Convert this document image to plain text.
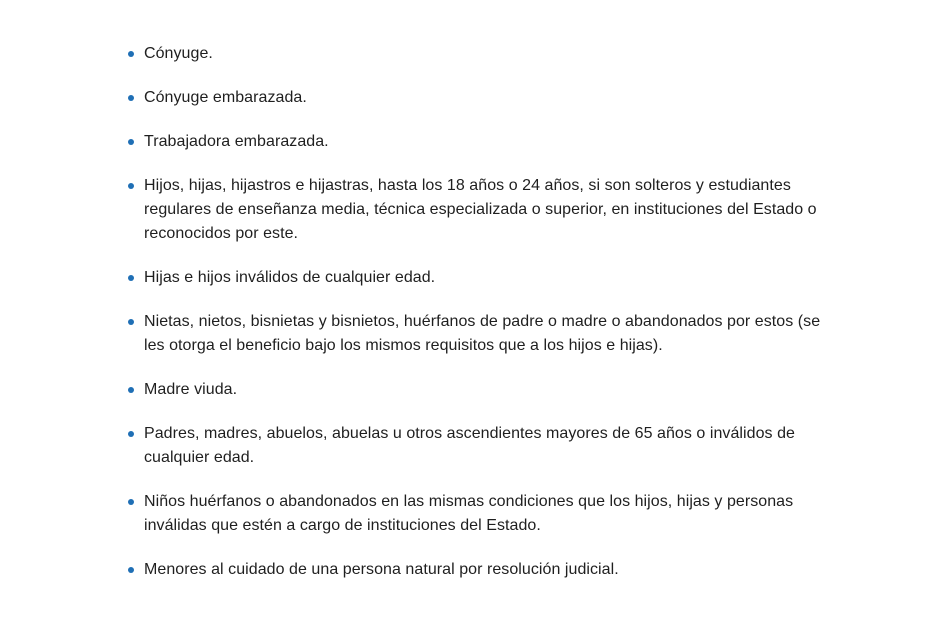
Cónyuge.
Cónyuge embarazada.
Trabajadora embarazada.
Hijos, hijas, hijastros e hijastras, hasta los 18 años o 24 años, si son solteros y estudiantes regulares de enseñanza media, técnica especializada o superior, en instituciones del Estado o reconocidos por este.
Hijas e hijos inválidos de cualquier edad.
Nietas, nietos, bisnietas y bisnietos, huérfanos de padre o madre o abandonados por estos (se les otorga el beneficio bajo los mismos requisitos que a los hijos e hijas).
Madre viuda.
Padres, madres, abuelos, abuelas u otros ascendientes mayores de 65 años o inválidos de cualquier edad.
Niños huérfanos o abandonados en las mismas condiciones que los hijos, hijas y personas inválidas que estén a cargo de instituciones del Estado.
Menores al cuidado de una persona natural por resolución judicial.
